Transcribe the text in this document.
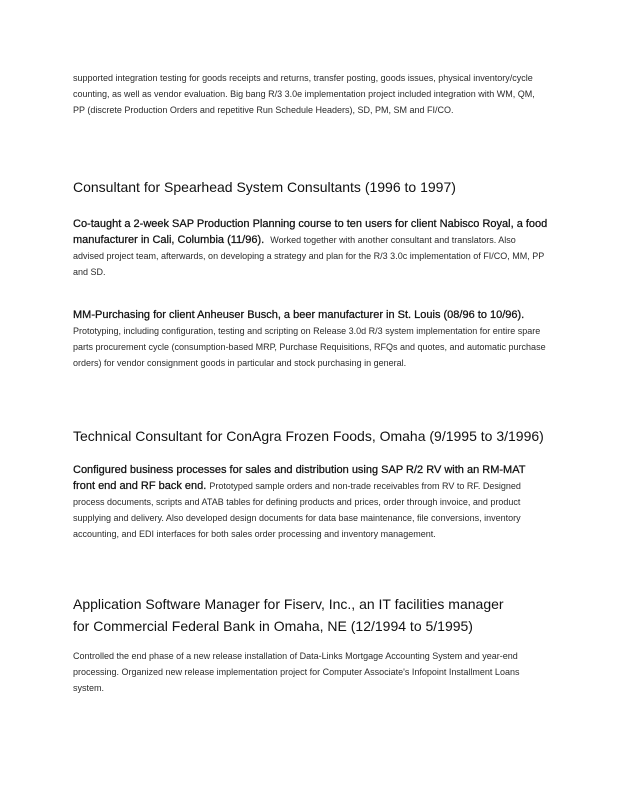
supported integration testing for goods receipts and returns, transfer posting, goods issues, physical inventory/cycle counting, as well as vendor evaluation. Big bang R/3 3.0e implementation project included integration with WM, QM, PP (discrete Production Orders and repetitive Run Schedule Headers), SD, PM, SM and FI/CO.

Consultant for Spearhead System Consultants (1996 to 1997)

Co-taught a 2-week SAP Production Planning course to ten users for client Nabisco Royal, a food manufacturer in Cali, Columbia (11/96). Worked together with another consultant and translators. Also advised project team, afterwards, on developing a strategy and plan for the R/3 3.0c implementation of FI/CO, MM, PP and SD.

MM-Purchasing for client Anheuser Busch, a beer manufacturer in St. Louis (08/96 to 10/96). Prototyping, including configuration, testing and scripting on Release 3.0d R/3 system implementation for entire spare parts procurement cycle (consumption-based MRP, Purchase Requisitions, RFQs and quotes, and automatic purchase orders) for vendor consignment goods in particular and stock purchasing in general.

Technical Consultant for ConAgra Frozen Foods, Omaha (9/1995 to 3/1996)

Configured business processes for sales and distribution using SAP R/2 RV with an RM-MAT front end and RF back end. Prototyped sample orders and non-trade receivables from RV to RF. Designed process documents, scripts and ATAB tables for defining products and prices, order through invoice, and product supplying and delivery. Also developed design documents for data base maintenance, file conversions, inventory accounting, and EDI interfaces for both sales order processing and inventory management.

Application Software Manager for Fiserv, Inc., an IT facilities manager for Commercial Federal Bank in Omaha, NE (12/1994 to 5/1995)

Controlled the end phase of a new release installation of Data-Links Mortgage Accounting System and year-end processing. Organized new release implementation project for Computer Associate's Infopoint Installment Loans system.
